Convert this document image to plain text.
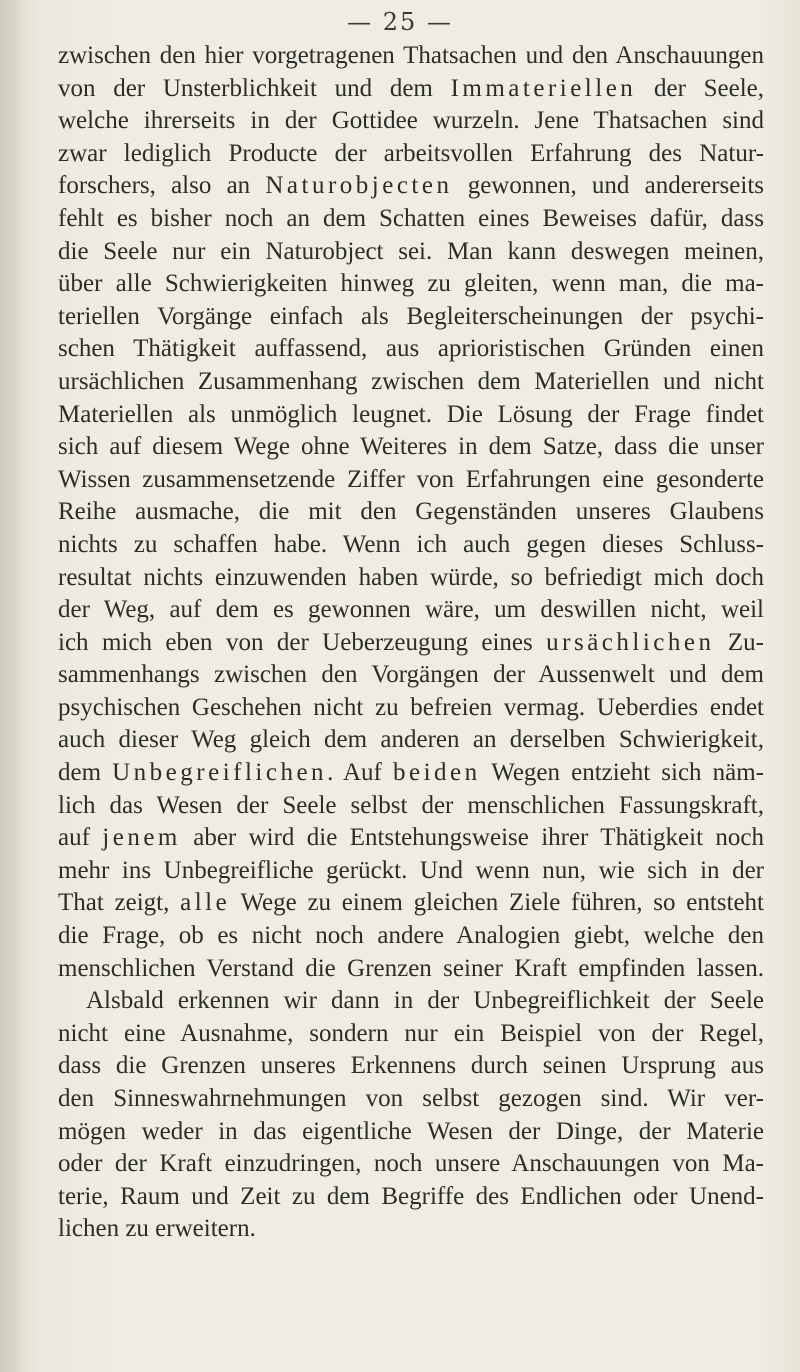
— 25 —
zwischen den hier vorgetragenen Thatsachen und den Anschauungen
von der Unsterblichkeit und dem Immateriellen der Seele,
welche ihrerseits in der Gottidee wurzeln. Jene Thatsachen sind
zwar lediglich Producte der arbeitsvollen Erfahrung des Natur-
forschers, also an Naturobjecten gewonnen, und andererseits
fehlt es bisher noch an dem Schatten eines Beweises dafür, dass
die Seele nur ein Naturobject sei. Man kann deswegen meinen,
über alle Schwierigkeiten hinweg zu gleiten, wenn man, die ma-
teriellen Vorgänge einfach als Begleiterscheinungen der psychi-
schen Thätigkeit auffassend, aus aprioristischen Gründen einen
ursächlichen Zusammenhang zwischen dem Materiellen und nicht
Materiellen als unmöglich leugnet. Die Lösung der Frage findet
sich auf diesem Wege ohne Weiteres in dem Satze, dass die unser
Wissen zusammensetzende Ziffer von Erfahrungen eine gesonderte
Reihe ausmache, die mit den Gegenständen unseres Glaubens
nichts zu schaffen habe. Wenn ich auch gegen dieses Schluss-
resultat nichts einzuwenden haben würde, so befriedigt mich doch
der Weg, auf dem es gewonnen wäre, um deswillen nicht, weil
ich mich eben von der Ueberzeugung eines ursächlichen Zu-
sammenhangs zwischen den Vorgängen der Aussenwelt und dem
psychischen Geschehen nicht zu befreien vermag. Ueberdies endet
auch dieser Weg gleich dem anderen an derselben Schwierigkeit,
dem Unbegreiflichen. Auf beiden Wegen entzieht sich näm-
lich das Wesen der Seele selbst der menschlichen Fassungskraft,
auf jenem aber wird die Entstehungsweise ihrer Thätigkeit noch
mehr ins Unbegreifliche gerückt. Und wenn nun, wie sich in der
That zeigt, alle Wege zu einem gleichen Ziele führen, so entsteht
die Frage, ob es nicht noch andere Analogien giebt, welche den
menschlichen Verstand die Grenzen seiner Kraft empfinden lassen.
Alsbald erkennen wir dann in der Unbegreiflichkeit der Seele
nicht eine Ausnahme, sondern nur ein Beispiel von der Regel,
dass die Grenzen unseres Erkennens durch seinen Ursprung aus
den Sinneswahrnehmungen von selbst gezogen sind. Wir ver-
mögen weder in das eigentliche Wesen der Dinge, der Materie
oder der Kraft einzudringen, noch unsere Anschauungen von Ma-
terie, Raum und Zeit zu dem Begriffe des Endlichen oder Unend-
lichen zu erweitern.
